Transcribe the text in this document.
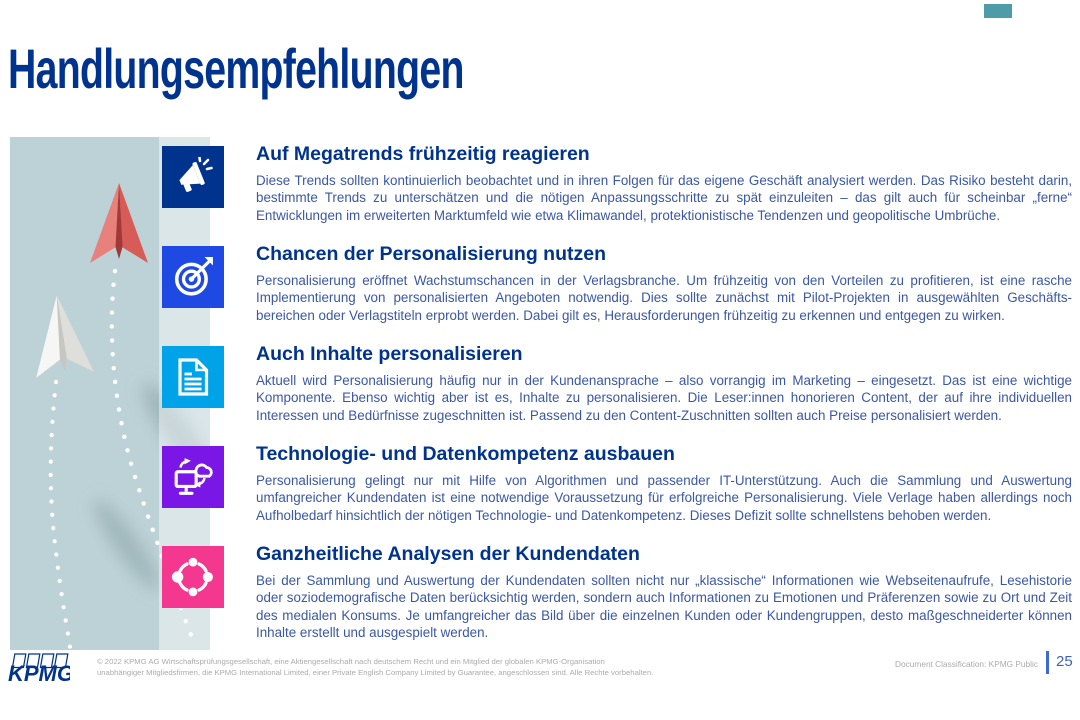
Handlungsempfehlungen
Auf Megatrends frühzeitig reagieren

Diese Trends sollten kontinuierlich beobachtet und in ihren Folgen für das eigene Geschäft analysiert werden. Das Risiko besteht darin, bestimmte Trends zu unterschätzen und die nötigen Anpassungsschritte zu spät einzuleiten – das gilt auch für scheinbar „ferne“ Entwicklungen im erweiterten Marktumfeld wie etwa Klimawandel, protektionistische Tendenzen und geopolitische Umbrüche.

Chancen der Personalisierung nutzen

Personalisierung eröffnet Wachstumschancen in der Verlagsbranche. Um frühzeitig von den Vorteilen zu profitieren, ist eine rasche Implementierung von personalisierten Angeboten notwendig. Dies sollte zunächst mit Pilot-Projekten in ausgewählten Geschäfts-bereichen oder Verlagstiteln erprobt werden. Dabei gilt es, Herausforderungen frühzeitig zu erkennen und entgegen zu wirken.

Auch Inhalte personalisieren

Aktuell wird Personalisierung häufig nur in der Kundenansprache – also vorrangig im Marketing – eingesetzt. Das ist eine wichtige Komponente. Ebenso wichtig aber ist es, Inhalte zu personalisieren. Die Leser:innen honorieren Content, der auf ihre individuellen Interessen und Bedürfnisse zugeschnitten ist. Passend zu den Content-Zuschnitten sollten auch Preise personalisiert werden.

Technologie- und Datenkompetenz ausbauen

Personalisierung gelingt nur mit Hilfe von Algorithmen und passender IT-Unterstützung. Auch die Sammlung und Auswertung umfangreicher Kundendaten ist eine notwendige Voraussetzung für erfolgreiche Personalisierung. Viele Verlage haben allerdings noch Aufholbedarf hinsichtlich der nötigen Technologie- und Datenkompetenz. Dieses Defizit sollte schnellstens behoben werden.

Ganzheitliche Analysen der Kundendaten

Bei der Sammlung und Auswertung der Kundendaten sollten nicht nur „klassische“ Informationen wie Webseitenaufrufe, Lesehistorie oder soziodemografische Daten berücksichtig werden, sondern auch Informationen zu Emotionen und Präferenzen sowie zu Ort und Zeit des medialen Konsums. Je umfangreicher das Bild über die einzelnen Kunden oder Kundengruppen, desto maßgeschneiderter können Inhalte erstellt und ausgespielt werden.

KPMG	© 2022 KPMG AG Wirtschaftsprüfungsgesellschaft, eine Aktiengesellschaft nach deutschem Recht und ein Mitglied der globalen KPMG-Organisation
unabhängiger Mitgliedsfirmen, die KPMG International Limited, einer Private English Company Limited by Guarantee, angeschlossen sind. Alle Rechte vorbehalten.
Document Classification: KPMG Public 25
